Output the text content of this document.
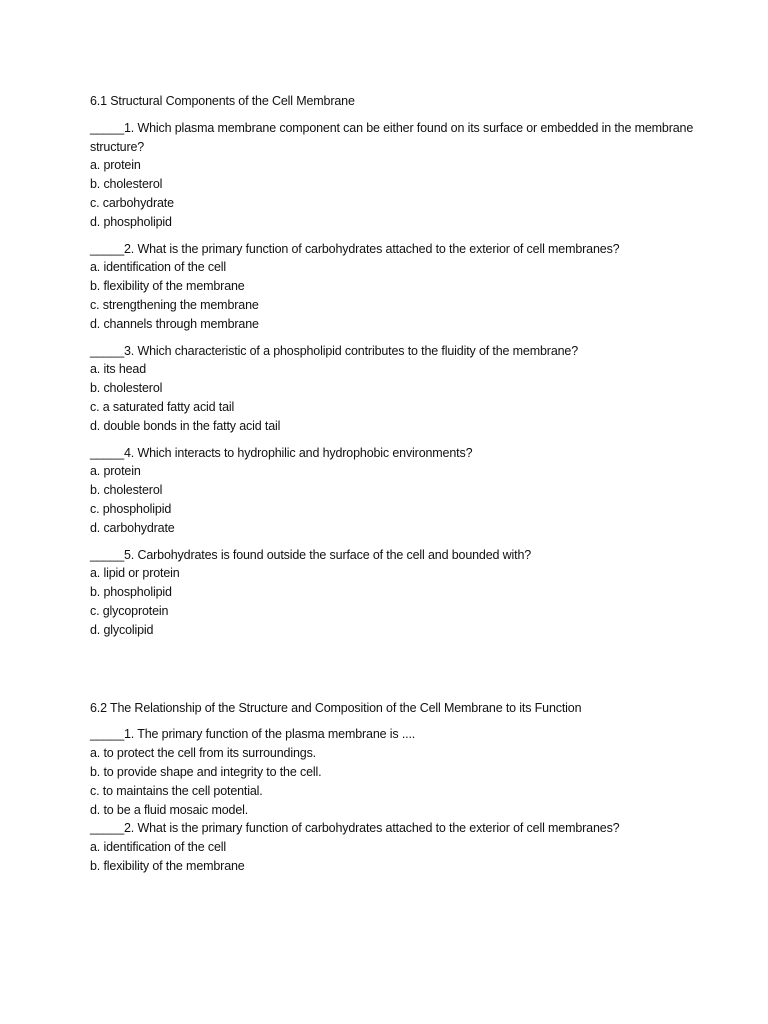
6.1 Structural Components of the Cell Membrane
_____1. Which plasma membrane component can be either found on its surface or embedded in the membrane structure?
a. protein
b. cholesterol
c. carbohydrate
d. phospholipid
_____2. What is the primary function of carbohydrates attached to the exterior of cell membranes?
a. identification of the cell
b. flexibility of the membrane
c. strengthening the membrane
d. channels through membrane
_____3. Which characteristic of a phospholipid contributes to the fluidity of the membrane?
a. its head
b. cholesterol
c. a saturated fatty acid tail
d. double bonds in the fatty acid tail
_____4. Which interacts to hydrophilic and hydrophobic environments?
a. protein
b. cholesterol
c. phospholipid
d. carbohydrate
_____5. Carbohydrates is found outside the surface of the cell and bounded with?
a. lipid or protein
b. phospholipid
c. glycoprotein
d. glycolipid
6.2 The Relationship of the Structure and Composition of the Cell Membrane to its Function
_____1. The primary function of the plasma membrane is ....
a. to protect the cell from its surroundings.
b. to provide shape and integrity to the cell.
c. to maintains the cell potential.
d. to be a fluid mosaic model.
_____2. What is the primary function of carbohydrates attached to the exterior of cell membranes?
a. identification of the cell
b. flexibility of the membrane
